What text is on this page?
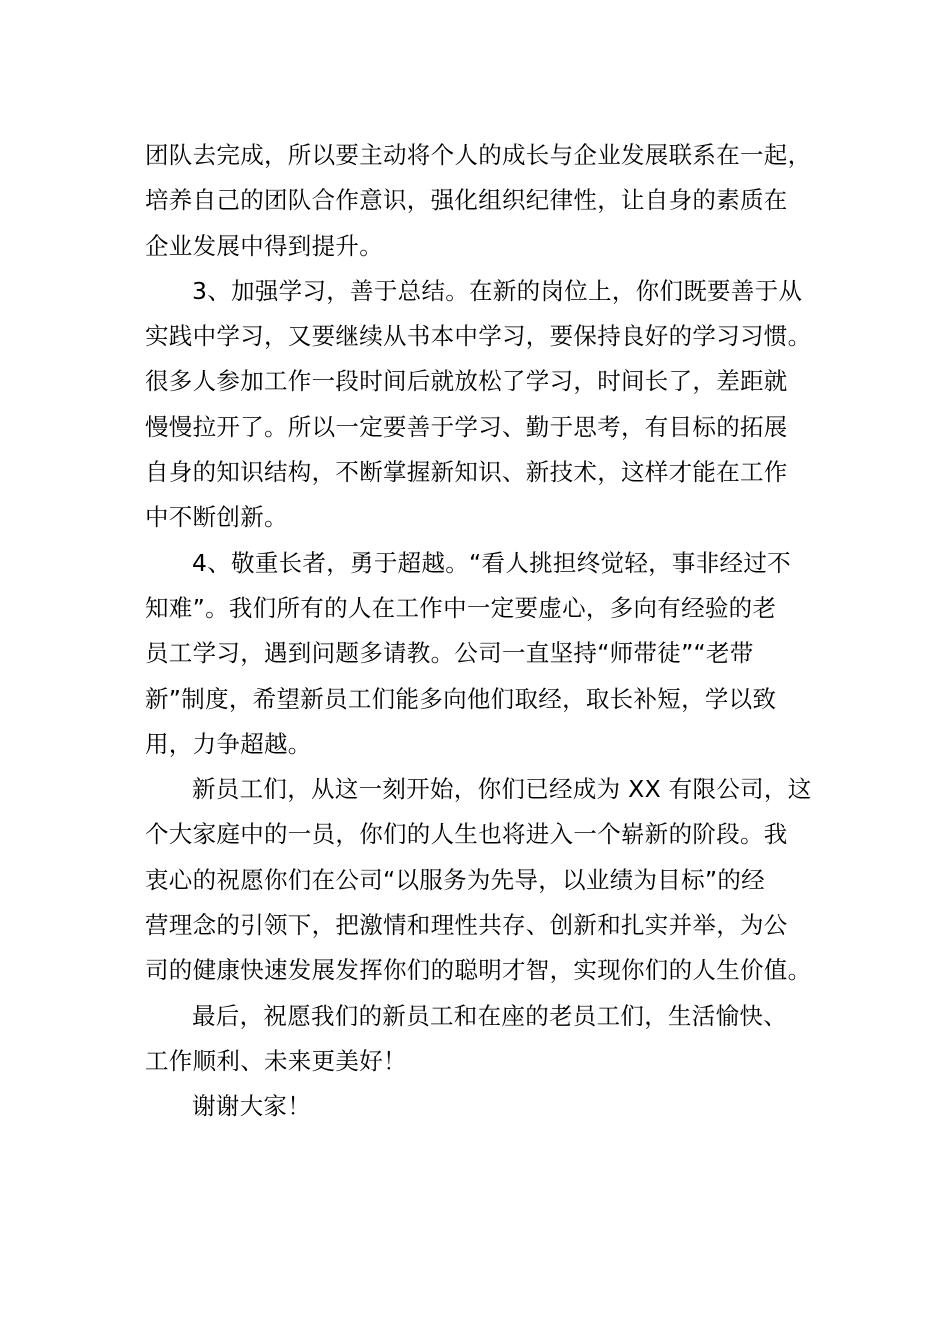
团队去完成，所以要主动将个人的成长与企业发展联系在一起，
培养自己的团队合作意识，强化组织纪律性，让自身的素质在
企业发展中得到提升。
3、加强学习，善于总结。在新的岗位上，你们既要善于从
实践中学习，又要继续从书本中学习，要保持良好的学习习惯。
很多人参加工作一段时间后就放松了学习，时间长了，差距就
慢慢拉开了。所以一定要善于学习、勤于思考，有目标的拓展
自身的知识结构，不断掌握新知识、新技术，这样才能在工作
中不断创新。
4、敬重长者，勇于超越。“看人挑担终觉轻，事非经过不
知难”。我们所有的人在工作中一定要虚心，多向有经验的老
员工学习，遇到问题多请教。公司一直坚持“师带徒”“老带
新”制度，希望新员工们能多向他们取经，取长补短，学以致
用，力争超越。
新员工们，从这一刻开始，你们已经成为 XX 有限公司，这
个大家庭中的一员，你们的人生也将进入一个崭新的阶段。我
衷心的祝愿你们在公司“以服务为先导，以业绩为目标”的经
营理念的引领下，把激情和理性共存、创新和扎实并举，为公
司的健康快速发展发挥你们的聪明才智，实现你们的人生价值。
最后，祝愿我们的新员工和在座的老员工们，生活愉快、
工作顺利、未来更美好！
谢谢大家！
